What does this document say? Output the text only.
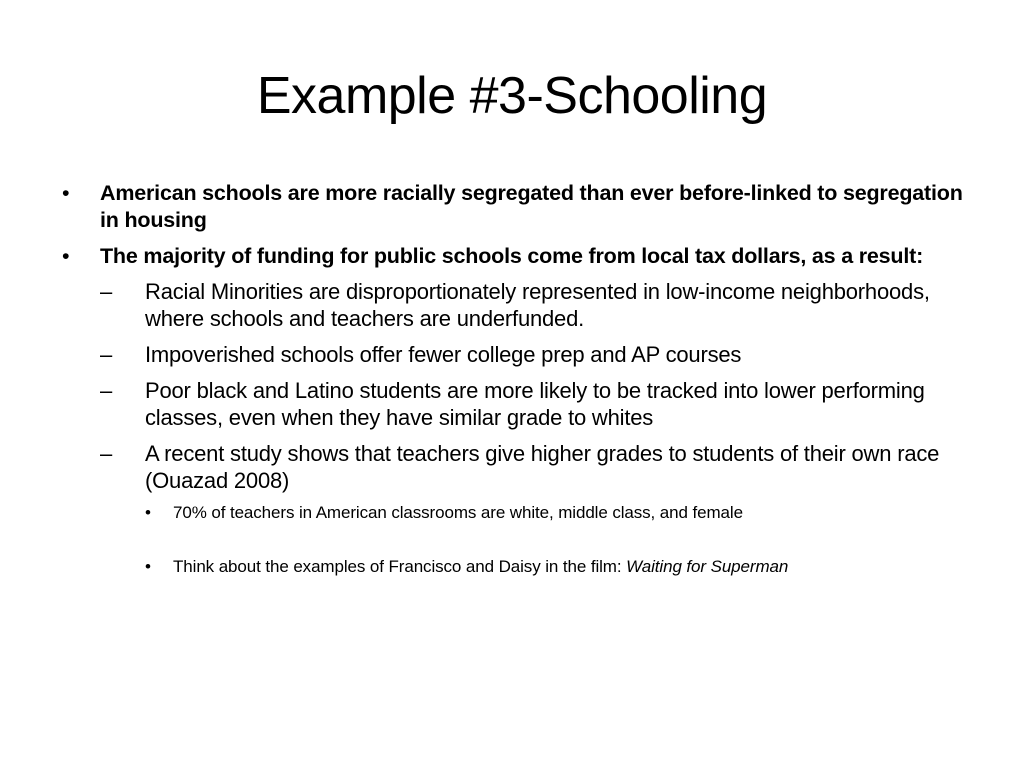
Example #3-Schooling
• American schools are more racially segregated than ever before-linked to segregation in housing
• The majority of funding for public schools come from local tax dollars, as a result:
– Racial Minorities are disproportionately represented in low-income neighborhoods, where schools and teachers are underfunded.
– Impoverished schools offer fewer college prep and AP courses
– Poor black and Latino students are more likely to be tracked into lower performing classes, even when they have similar grade to whites
– A recent study shows that teachers give higher grades to students of their own race (Ouazad 2008)
• 70% of teachers in American classrooms are white, middle class, and female
• Think about the examples of Francisco and Daisy in the film: Waiting for Superman
